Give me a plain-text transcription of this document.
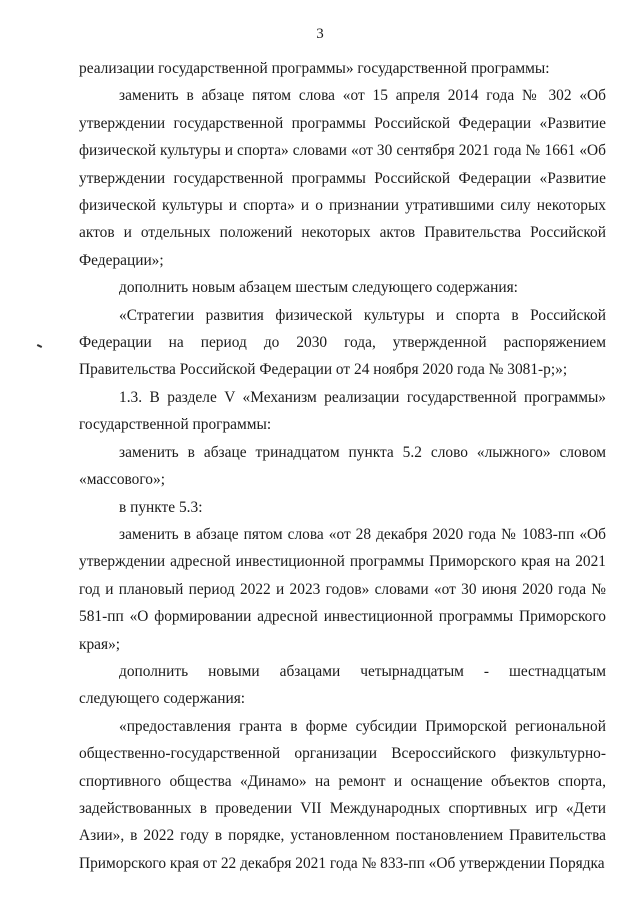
3

реализации государственной программы» государственной программы:

заменить в абзаце пятом слова «от 15 апреля 2014 года № 302 «Об утверждении государственной программы Российской Федерации «Развитие физической культуры и спорта» словами «от 30 сентября 2021 года № 1661 «Об утверждении государственной программы Российской Федерации «Развитие физической культуры и спорта» и о признании утратившими силу некоторых актов и отдельных положений некоторых актов Правительства Российской Федерации»;

дополнить новым абзацем шестым следующего содержания:

«Стратегии развития физической культуры и спорта в Российской Федерации на период до 2030 года, утвержденной распоряжением Правительства Российской Федерации от 24 ноября 2020 года № 3081-р;»;

1.3. В разделе V «Механизм реализации государственной программы» государственной программы:

заменить в абзаце тринадцатом пункта 5.2 слово «лыжного» словом «массового»;

в пункте 5.3:

заменить в абзаце пятом слова «от 28 декабря 2020 года № 1083-пп «Об утверждении адресной инвестиционной программы Приморского края на 2021 год и плановый период 2022 и 2023 годов» словами «от 30 июня 2020 года № 581-пп «О формировании адресной инвестиционной программы Приморского края»;

дополнить новыми абзацами четырнадцатым - шестнадцатым следующего содержания:

«предоставления гранта в форме субсидии Приморской региональной общественно-государственной организации Всероссийского физкультурно-спортивного общества «Динамо» на ремонт и оснащение объектов спорта, задействованных в проведении VII Международных спортивных игр «Дети Азии», в 2022 году в порядке, установленном постановлением Правительства Приморского края от 22 декабря 2021 года № 833-пп «Об утверждении Порядка
